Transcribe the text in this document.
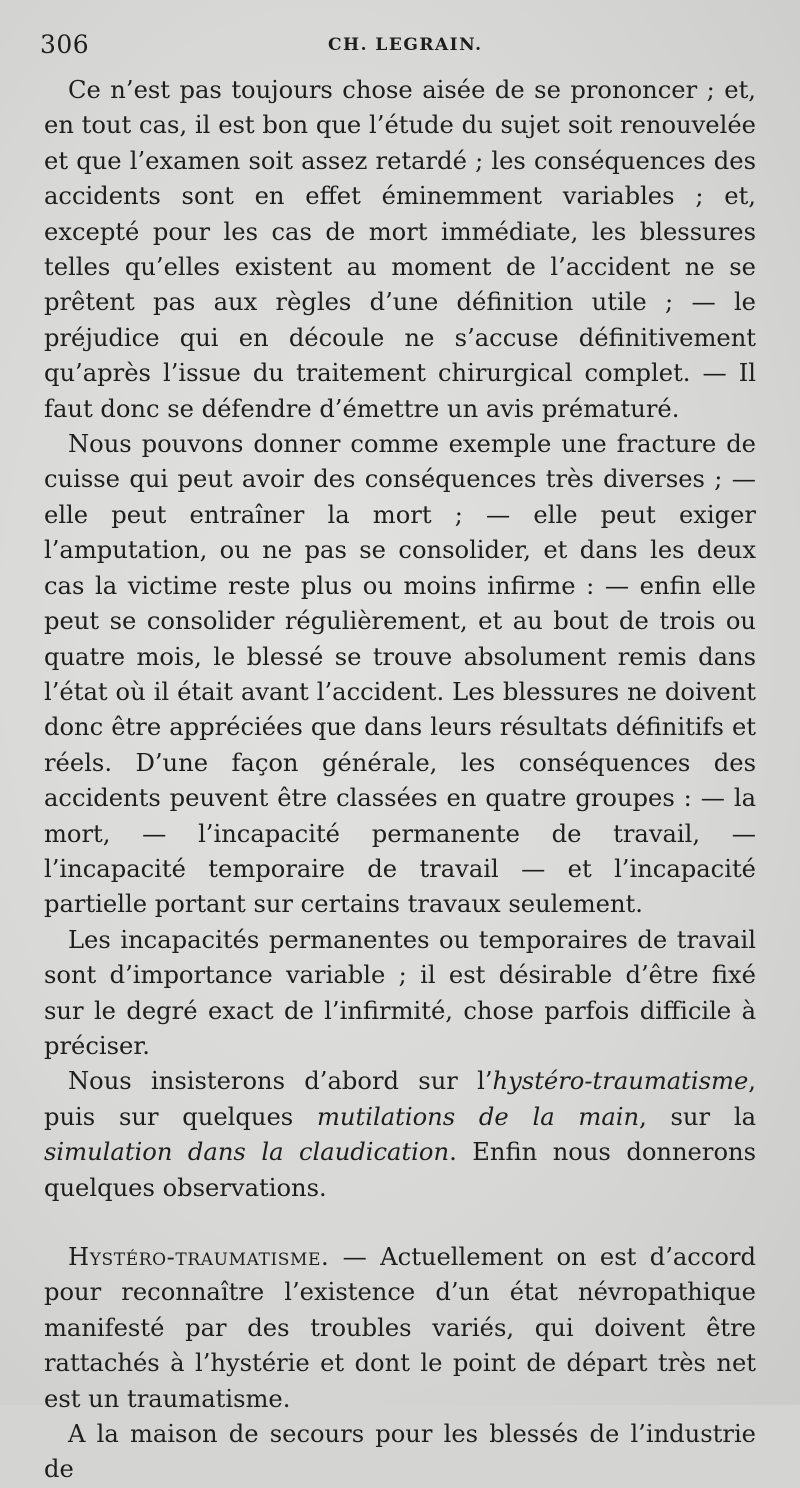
306	CH. LEGRAIN.

Ce n’est pas toujours chose aisée de se prononcer ; et, en tout cas, il est bon que l’étude du sujet soit renouvelée et que l’examen soit assez retardé ; les conséquences des accidents sont en effet éminemment variables ; et, excepté pour les cas de mort immédiate, les blessures telles qu’elles existent au moment de l’accident ne se prêtent pas aux règles d’une définition utile ; — le préjudice qui en découle ne s’accuse définitivement qu’après l’issue du traitement chirurgical complet. — Il faut donc se défendre d’émettre un avis prématuré.

Nous pouvons donner comme exemple une fracture de cuisse qui peut avoir des conséquences très diverses ; — elle peut entraîner la mort ; — elle peut exiger l’amputation, ou ne pas se consolider, et dans les deux cas la victime reste plus ou moins infirme : — enfin elle peut se consolider régulièrement, et au bout de trois ou quatre mois, le blessé se trouve absolument remis dans l’état où il était avant l’accident. Les blessures ne doivent donc être appréciées que dans leurs résultats définitifs et réels. D’une façon générale, les conséquences des accidents peuvent être classées en quatre groupes : — la mort, — l’incapacité permanente de travail, — l’incapacité temporaire de travail — et l’incapacité partielle portant sur certains travaux seulement.

Les incapacités permanentes ou temporaires de travail sont d’importance variable ; il est désirable d’être fixé sur le degré exact de l’infirmité, chose parfois difficile à préciser.

Nous insisterons d’abord sur l’hystéro-traumatisme, puis sur quelques mutilations de la main, sur la simulation dans la claudication. Enfin nous donnerons quelques observations.

Hystéro-traumatisme. — Actuellement on est d’accord pour reconnaître l’existence d’un état névropathique manifesté par des troubles variés, qui doivent être rattachés à l’hystérie et dont le point de départ très net est un traumatisme.

A la maison de secours pour les blessés de l’industrie de
